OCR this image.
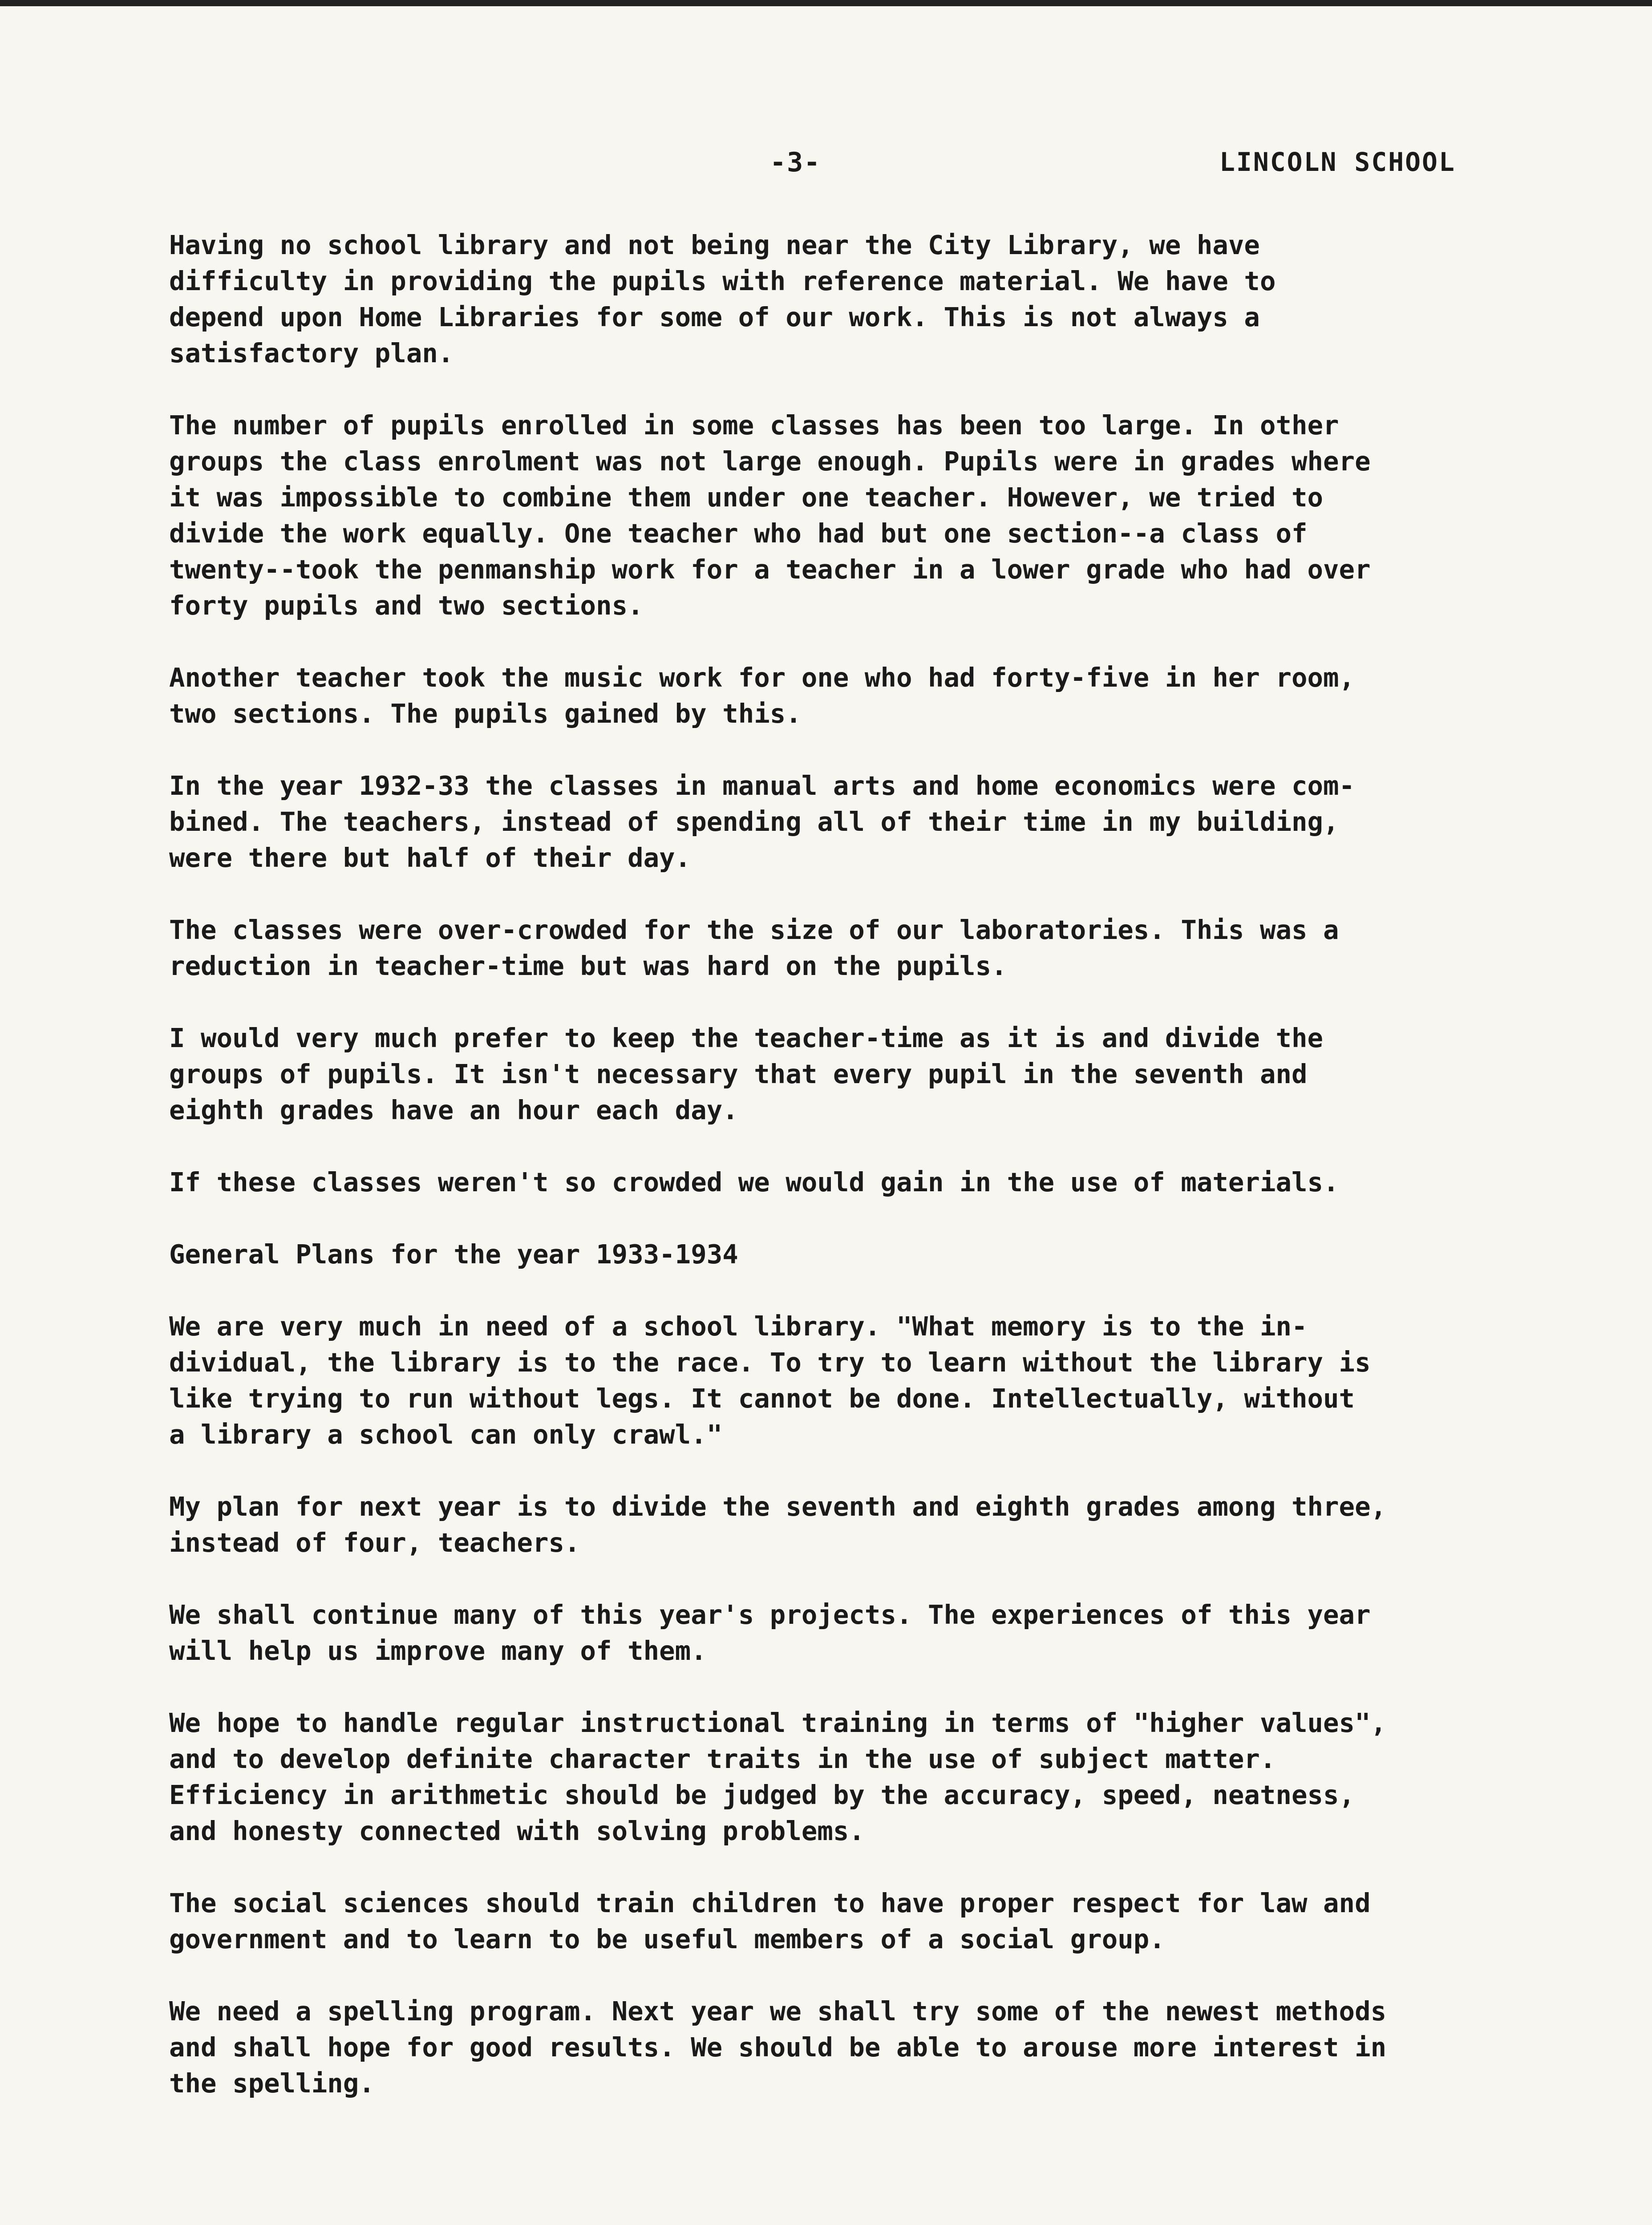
-3-	LINCOLN SCHOOL

Having no school library and not being near the City Library, we have
difficulty in providing the pupils with reference material. We have to
depend upon Home Libraries for some of our work. This is not always a
satisfactory plan.

The number of pupils enrolled in some classes has been too large. In other
groups the class enrolment was not large enough. Pupils were in grades where
it was impossible to combine them under one teacher. However, we tried to
divide the work equally. One teacher who had but one section--a class of
twenty--took the penmanship work for a teacher in a lower grade who had over
forty pupils and two sections.

Another teacher took the music work for one who had forty-five in her room,
two sections. The pupils gained by this.

In the year 1932-33 the classes in manual arts and home economics were com-
bined. The teachers, instead of spending all of their time in my building,
were there but half of their day.

The classes were over-crowded for the size of our laboratories. This was a
reduction in teacher-time but was hard on the pupils.

I would very much prefer to keep the teacher-time as it is and divide the
groups of pupils. It isn't necessary that every pupil in the seventh and
eighth grades have an hour each day.

If these classes weren't so crowded we would gain in the use of materials.

General Plans for the year 1933-1934

We are very much in need of a school library. "What memory is to the in-
dividual, the library is to the race. To try to learn without the library is
like trying to run without legs. It cannot be done. Intellectually, without
a library a school can only crawl."

My plan for next year is to divide the seventh and eighth grades among three,
instead of four, teachers.

We shall continue many of this year's projects. The experiences of this year
will help us improve many of them.

We hope to handle regular instructional training in terms of "higher values",
and to develop definite character traits in the use of subject matter.
Efficiency in arithmetic should be judged by the accuracy, speed, neatness,
and honesty connected with solving problems.

The social sciences should train children to have proper respect for law and
government and to learn to be useful members of a social group.

We need a spelling program. Next year we shall try some of the newest methods
and shall hope for good results. We should be able to arouse more interest in
the spelling.
